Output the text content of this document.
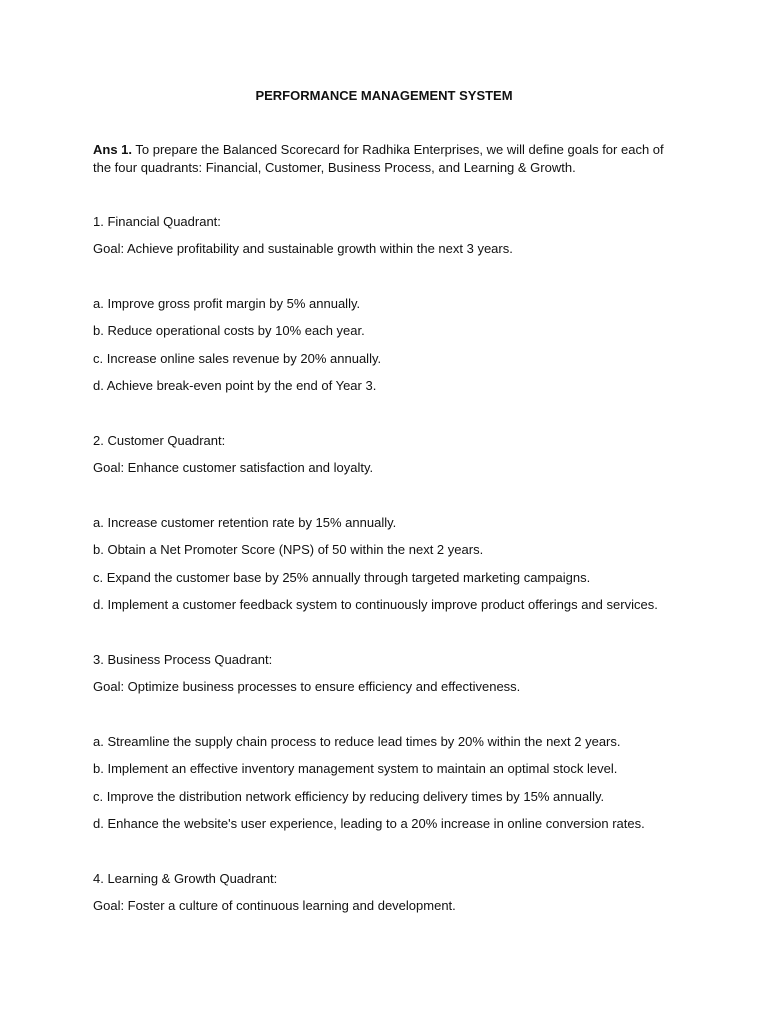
PERFORMANCE MANAGEMENT SYSTEM
Ans 1. To prepare the Balanced Scorecard for Radhika Enterprises, we will define goals for each of the four quadrants: Financial, Customer, Business Process, and Learning & Growth.
1. Financial Quadrant:
Goal: Achieve profitability and sustainable growth within the next 3 years.
a. Improve gross profit margin by 5% annually.
b. Reduce operational costs by 10% each year.
c. Increase online sales revenue by 20% annually.
d. Achieve break-even point by the end of Year 3.
2. Customer Quadrant:
Goal: Enhance customer satisfaction and loyalty.
a. Increase customer retention rate by 15% annually.
b. Obtain a Net Promoter Score (NPS) of 50 within the next 2 years.
c. Expand the customer base by 25% annually through targeted marketing campaigns.
d. Implement a customer feedback system to continuously improve product offerings and services.
3. Business Process Quadrant:
Goal: Optimize business processes to ensure efficiency and effectiveness.
a. Streamline the supply chain process to reduce lead times by 20% within the next 2 years.
b. Implement an effective inventory management system to maintain an optimal stock level.
c. Improve the distribution network efficiency by reducing delivery times by 15% annually.
d. Enhance the website's user experience, leading to a 20% increase in online conversion rates.
4. Learning & Growth Quadrant:
Goal: Foster a culture of continuous learning and development.
